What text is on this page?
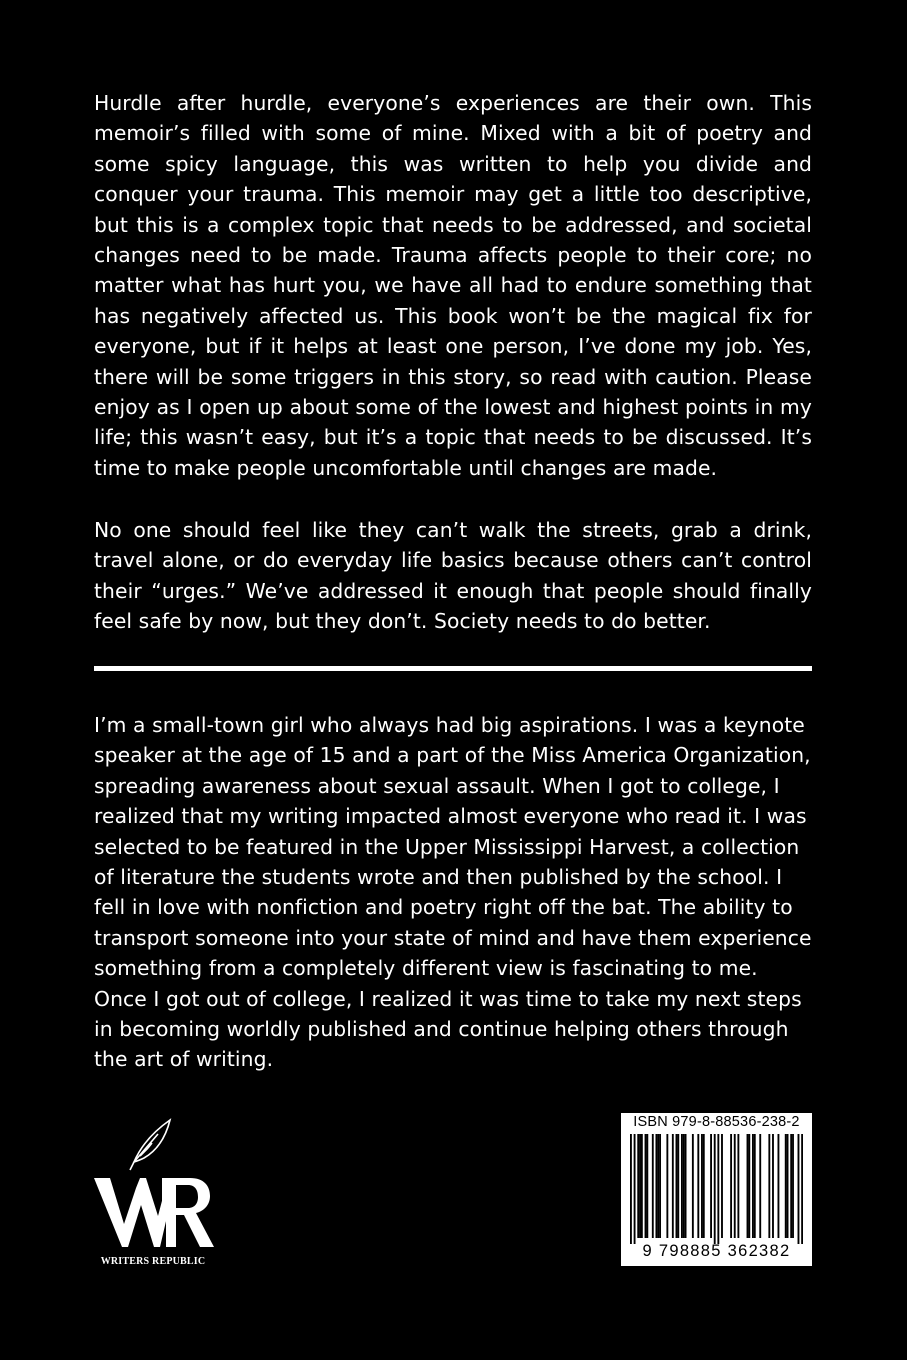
Hurdle after hurdle, everyone’s experiences are their own. This memoir’s filled with some of mine. Mixed with a bit of poetry and some spicy language, this was written to help you divide and conquer your trauma. This memoir may get a little too descriptive, but this is a complex topic that needs to be addressed, and societal changes need to be made. Trauma affects people to their core; no matter what has hurt you, we have all had to endure something that has negatively affected us. This book won’t be the magical fix for everyone, but if it helps at least one person, I’ve done my job. Yes, there will be some triggers in this story, so read with caution. Please enjoy as I open up about some of the lowest and highest points in my life; this wasn’t easy, but it’s a topic that needs to be discussed. It’s time to make people uncomfortable until changes are made.

No one should feel like they can’t walk the streets, grab a drink, travel alone, or do everyday life basics because others can’t control their “urges.” We’ve addressed it enough that people should finally feel safe by now, but they don’t. Society needs to do better.

I’m a small-town girl who always had big aspirations. I was a keynote speaker at the age of 15 and a part of the Miss America Organization, spreading awareness about sexual assault. When I got to college, I realized that my writing impacted almost everyone who read it. I was selected to be featured in the Upper Mississippi Harvest, a collection of literature the students wrote and then published by the school. I fell in love with nonfiction and poetry right off the bat. The ability to transport someone into your state of mind and have them experience something from a completely different view is fascinating to me. Once I got out of college, I realized it was time to take my next steps in becoming worldly published and continue helping others through the art of writing.

WRITERS REPUBLIC
ISBN 979-8-88536-238-2
9 798885 362382
